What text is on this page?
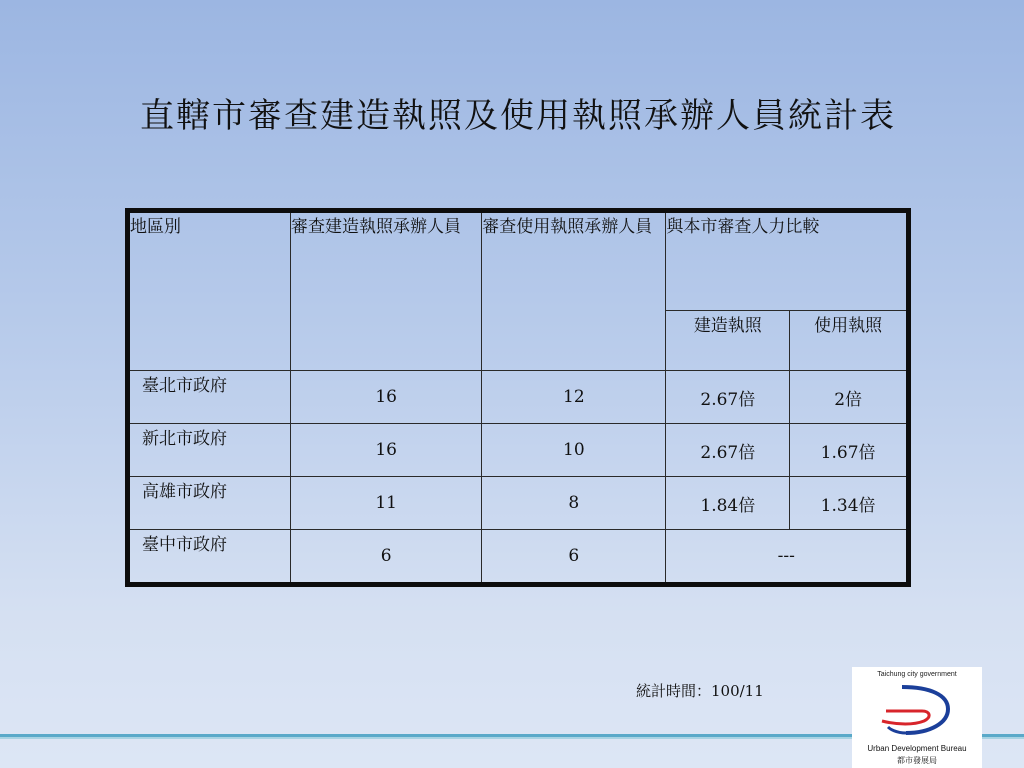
直轄市審查建造執照及使用執照承辦人員統計表
地區別	審查建造執照承辦人員	審查使用執照承辦人員	與本市審查人力比較	
			建造執照	使用執照
臺北市政府	16	12	2.67倍	2倍
新北市政府	16	10	2.67倍	1.67倍
高雄市政府	11	8	1.84倍	1.34倍
臺中市政府	6	6	---	
統計時間：100/11
Taichung city government
Urban Development Bureau
都市發展局
